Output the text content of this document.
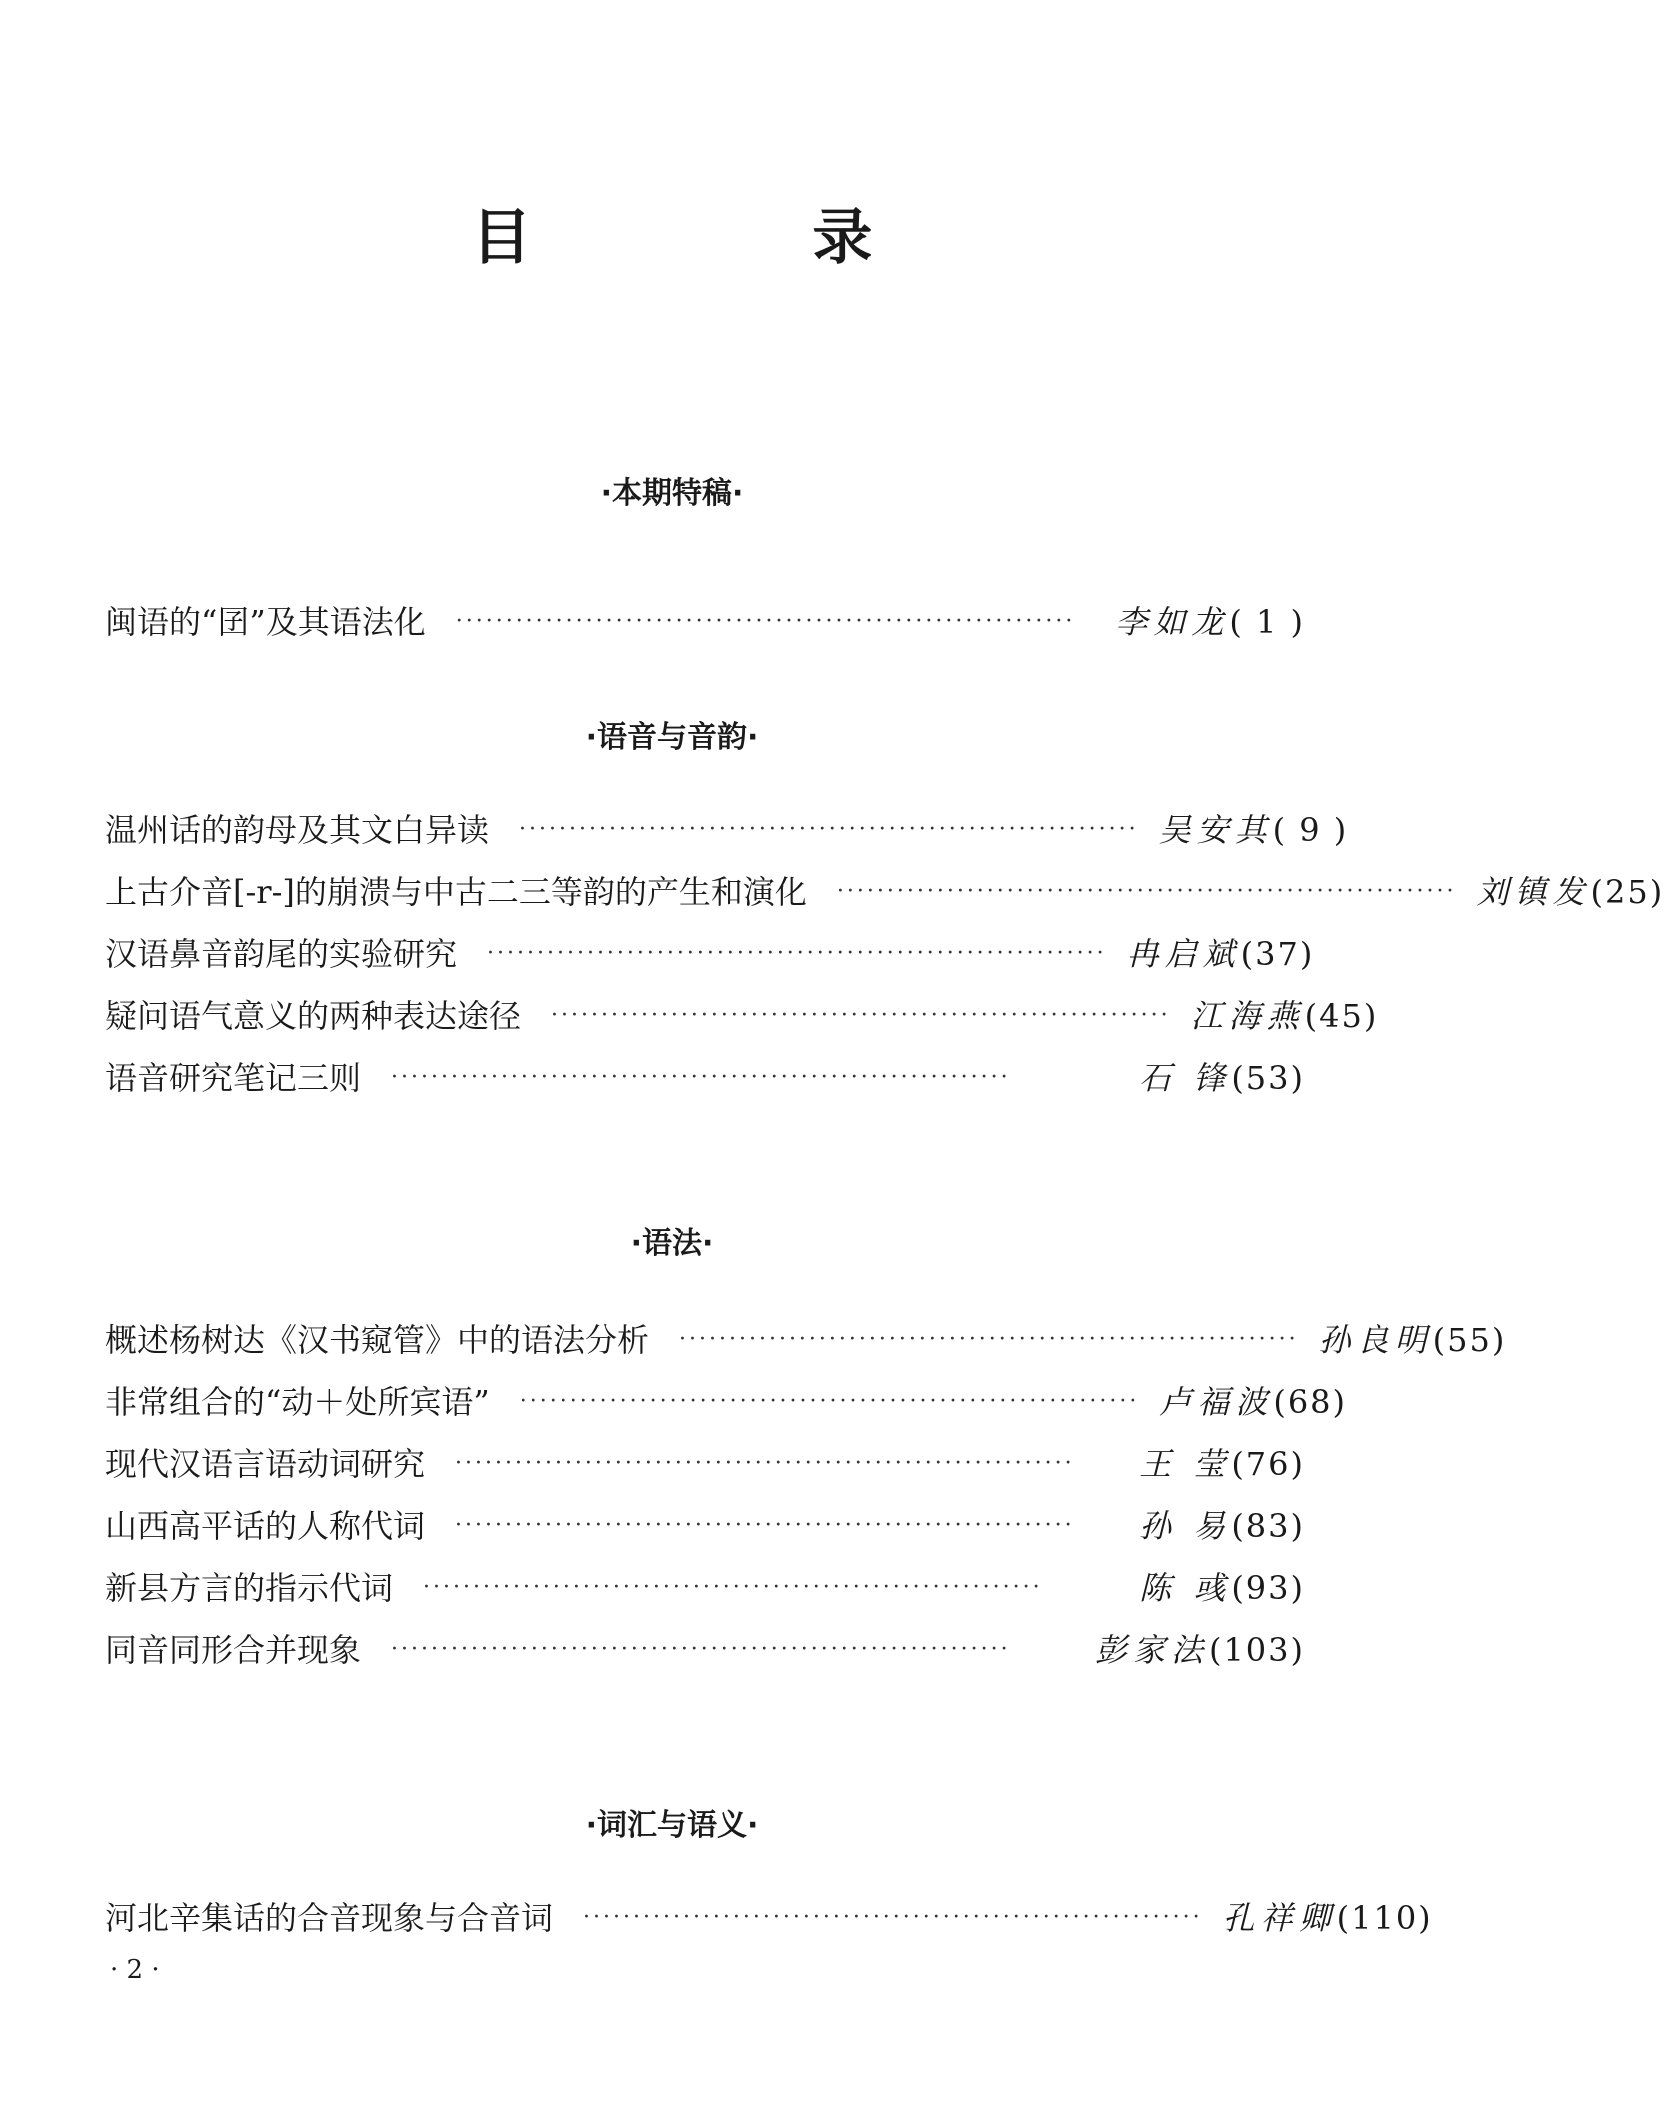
目 录
·本期特稿·
闽语的“囝”及其语法化 ······························································	李如龙 ( 1 )
·语音与音韵·
温州话的韵母及其文白异读 ······························································ 吴安其 ( 9 )
上古介音[-r-]的崩溃与中古二三等韵的产生和演化 ······························································ 刘镇发 (25)
汉语鼻音韵尾的实验研究 ······························································ 冉启斌 (37)
疑问语气意义的两种表达途径 ······························································ 江海燕 (45)
语音研究笔记三则 ······························································	石 锋 (53)
·语法·
概述杨树达《汉书窥管》中的语法分析 ······························································ 孙良明 (55)
非常组合的“动＋处所宾语” ······························································ 卢福波 (68)
现代汉语言语动词研究 ······························································	王 莹 (76)
山西高平话的人称代词 ······························································	孙 易 (83)
新县方言的指示代词 ······························································	陈 彧 (93)
同音同形合并现象 ······························································	彭家法 (103)
·词汇与语义·
河北辛集话的合音现象与合音词 ······························································ 孔祥卿 (110)
· 2 ·
